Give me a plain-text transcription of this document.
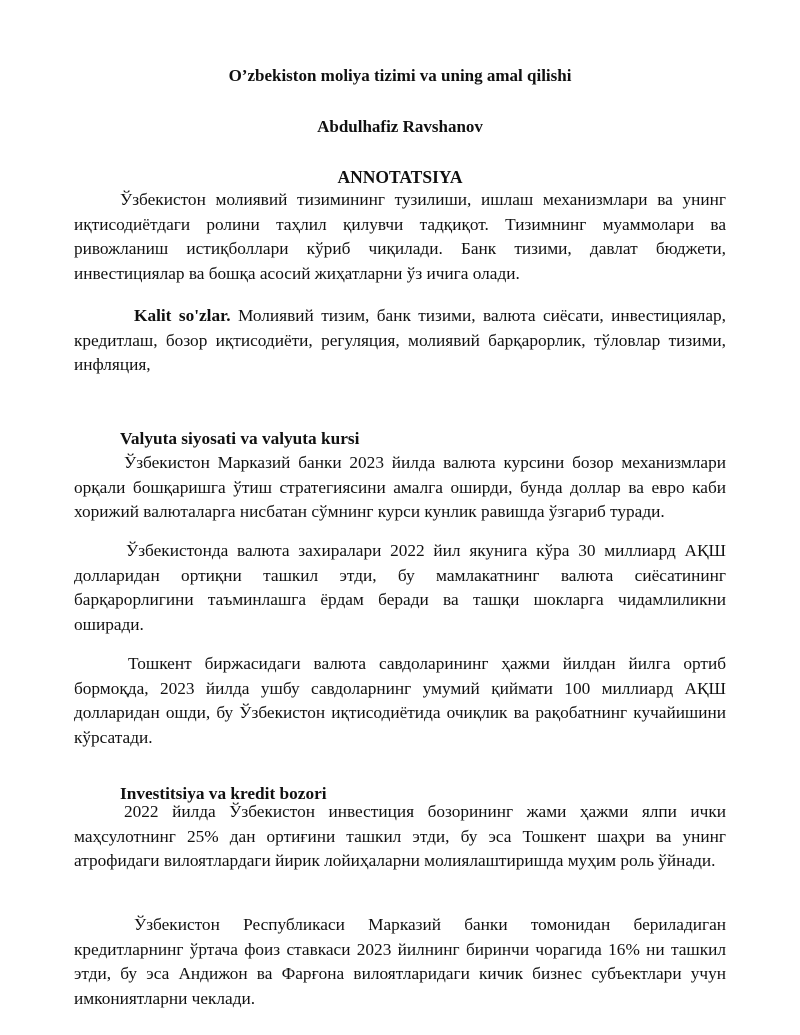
O’zbekiston moliya tizimi va uning amal qilishi

Abdulhafiz Ravshanov

ANNOTATSIYA

Ўзбекистон молиявий тизимининг тузилиши, ишлаш механизмлари ва унинг иқтисодиётдаги ролини таҳлил қилувчи тадқиқот. Тизимнинг муаммолари ва ривожланиш истиқболлари кўриб чиқилади. Банк тизими, давлат бюджети, инвестициялар ва бошқа асосий жиҳатларни ўз ичига олади.

Kalit so'zlar. Молиявий тизим, банк тизими, валюта сиёсати, инвестициялар, кредитлаш, бозор иқтисодиёти, регуляция, молиявий барқарорлик, тўловлар тизими, инфляция,

Valyuta siyosati va valyuta kursi

Ўзбекистон Марказий банки 2023 йилда валюта курсини бозор механизмлари орқали бошқаришга ўтиш стратегиясини амалга оширди, бунда доллар ва евро каби хорижий валюталарга нисбатан сўмнинг курси кунлик равишда ўзгариб туради.

Ўзбекистонда валюта захиралари 2022 йил якунига кўра 30 миллиард АҚШ долларидан ортиқни ташкил этди, бу мамлакатнинг валюта сиёсатининг барқарорлигини таъминлашга ёрдам беради ва ташқи шокларга чидамлиликни оширади.

Тошкент биржасидаги валюта савдоларининг ҳажми йилдан йилга ортиб бормоқда, 2023 йилда ушбу савдоларнинг умумий қиймати 100 миллиард АҚШ долларидан ошди, бу Ўзбекистон иқтисодиётида очиқлик ва рақобатнинг кучайишини кўрсатади.

Investitsiya va kredit bozori

2022 йилда Ўзбекистон инвестиция бозорининг жами ҳажми ялпи ички маҳсулотнинг 25% дан ортиғини ташкил этди, бу эса Тошкент шаҳри ва унинг атрофидаги вилоятлардаги йирик лойиҳаларни молиялаштиришда муҳим роль ўйнади.

Ўзбекистон Республикаси Марказий банки томонидан бериладиган кредитларнинг ўртача фоиз ставкаси 2023 йилнинг биринчи чорагида 16% ни ташкил этди, бу эса Андижон ва Фарғона вилоятларидаги кичик бизнес субъектлари учун имкониятларни чеклади.
